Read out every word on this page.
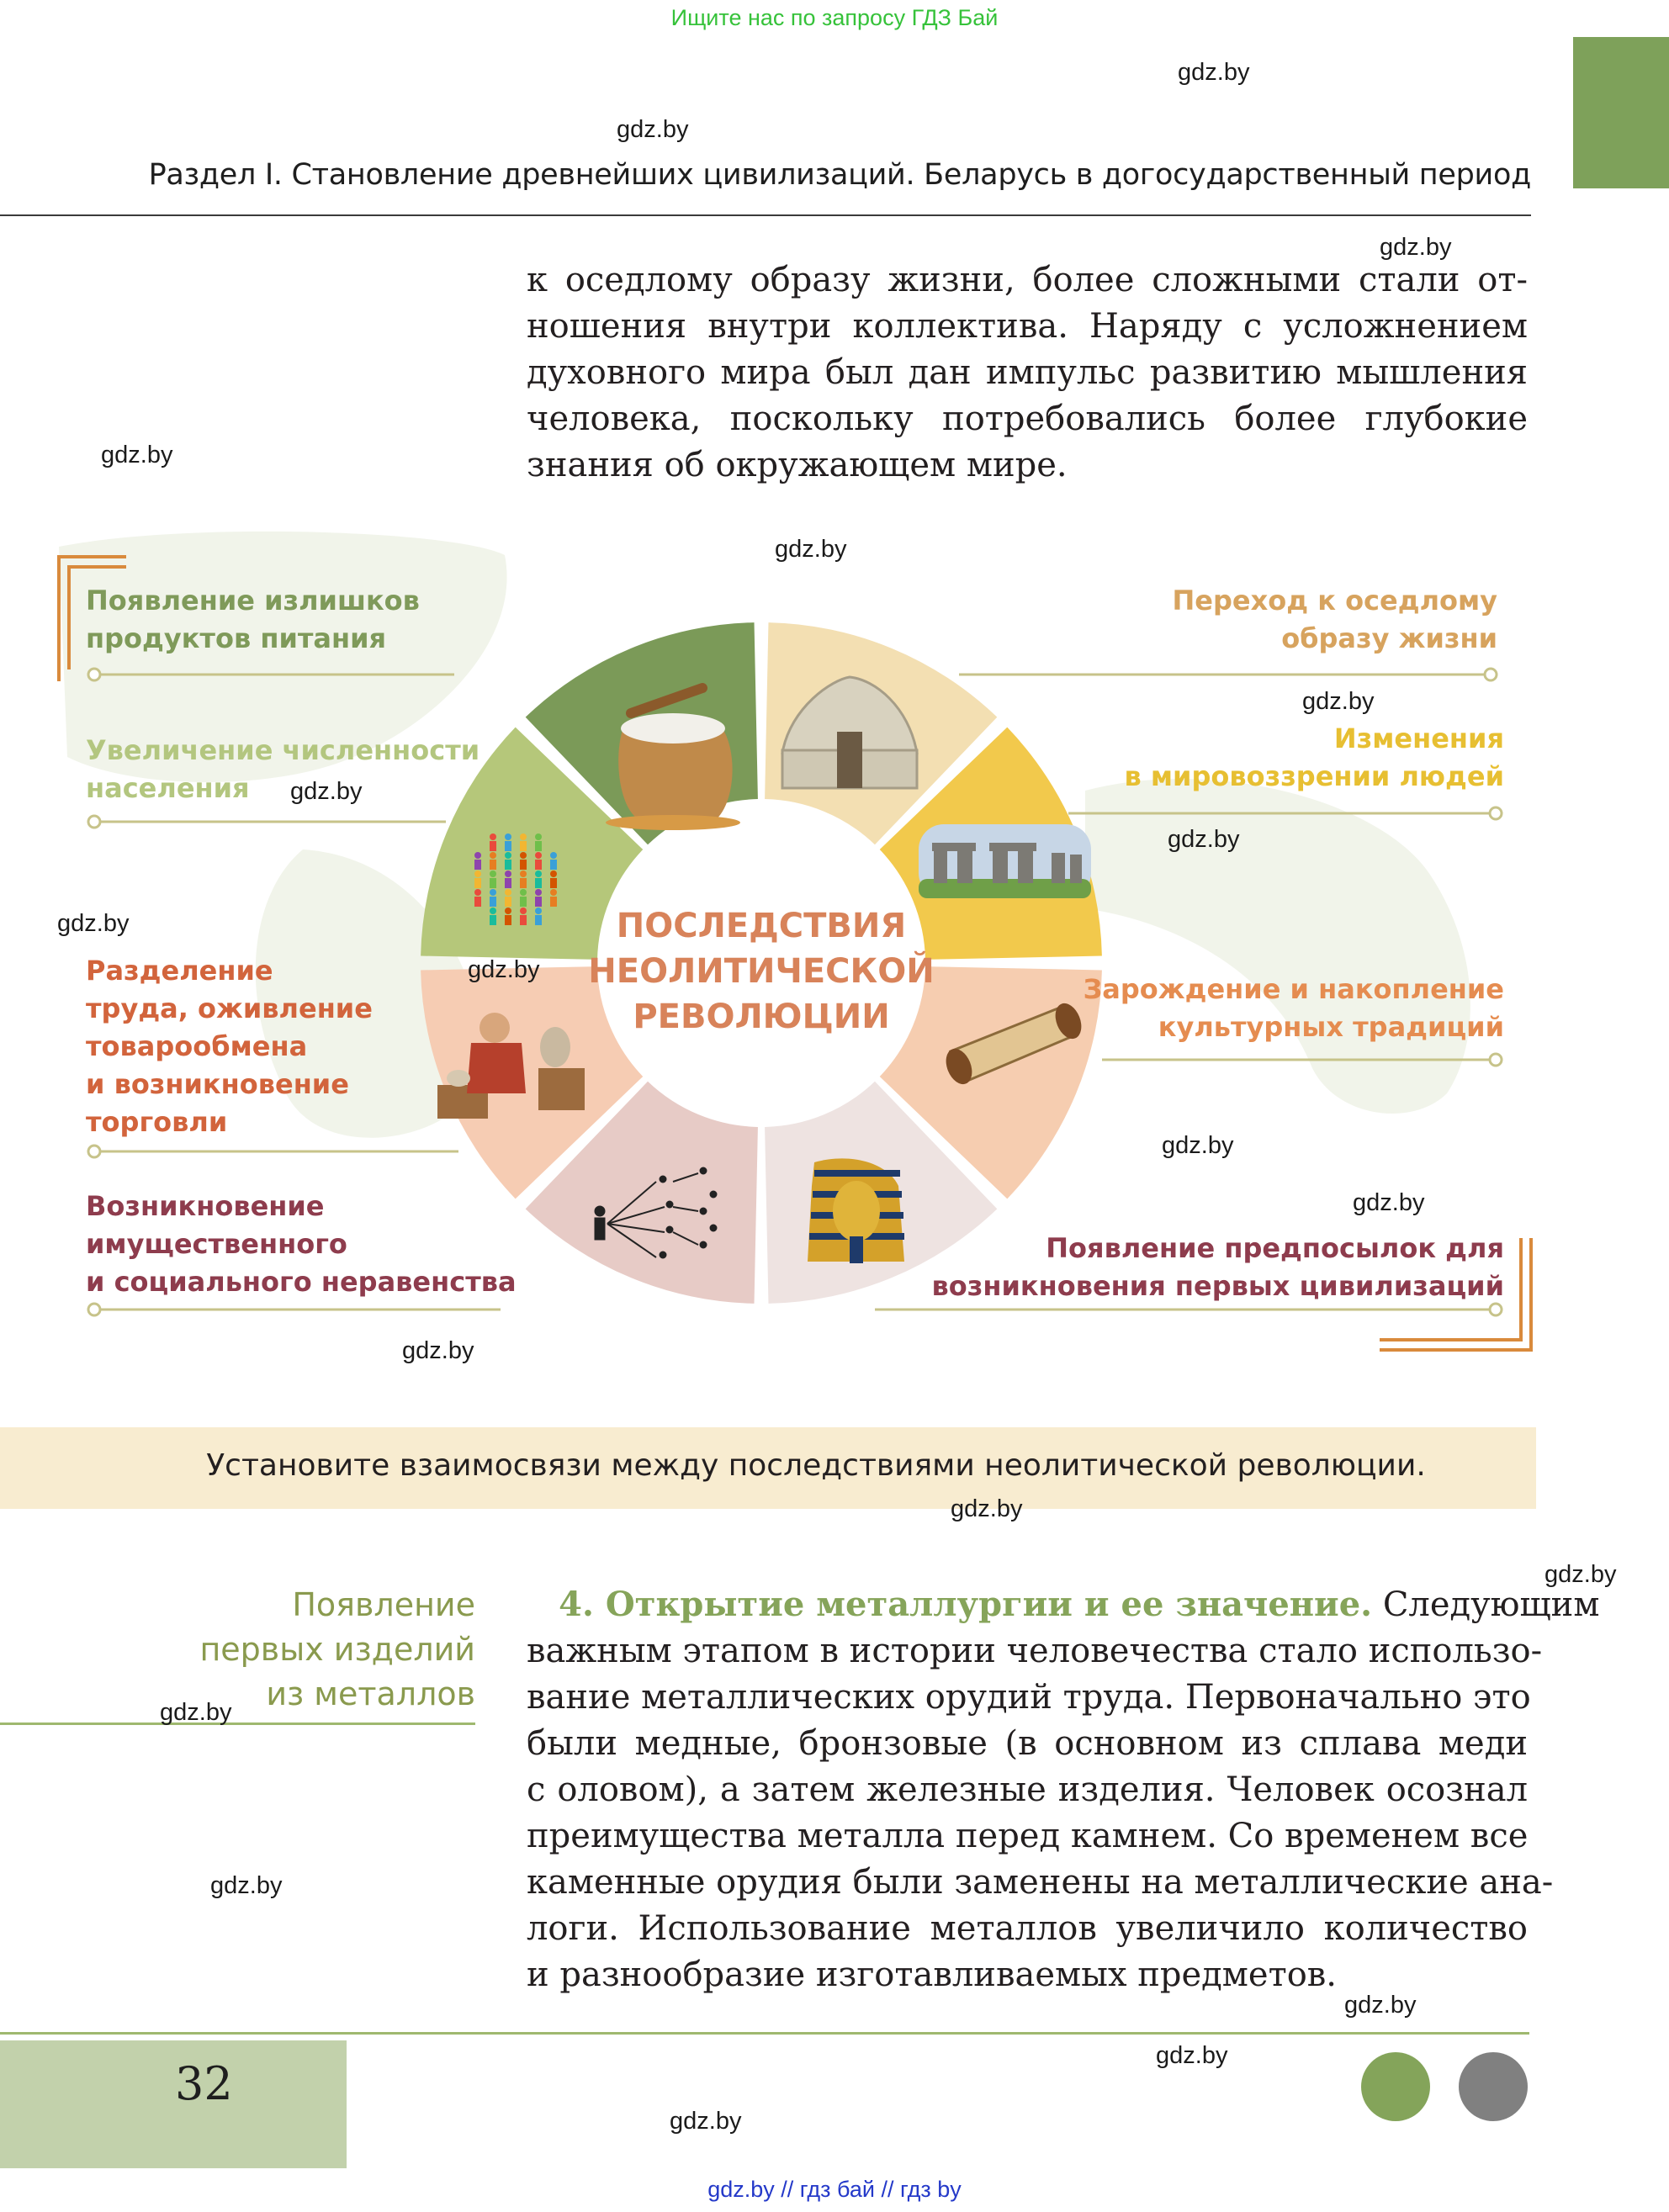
Ищите нас по запросу ГДЗ Бай
Раздел I. Становление древнейших цивилизаций. Беларусь в догосударственный период
к оседлому образу жизни, более сложными стали от-
ношения внутри коллектива. Наряду с усложнением
духовного мира был дан импульс развитию мышления
человека, поскольку потребовались более глубокие
знания об окружающем мире.
ПОСЛЕДСТВИЯ
НЕОЛИТИЧЕСКОЙ
РЕВОЛЮЦИИ
Появление излишков
продуктов питания
Увеличение численности
населения
Разделение
труда, оживление
товарообмена
и возникновение
торговли
Возникновение
имущественного
и социального неравенства
Переход к оседлому
образу жизни
Изменения
в мировоззрении людей
Зарождение и накопление
культурных традиций
Появление предпосылок для
возникновения первых цивилизаций
Установите взаимосвязи между последствиями неолитической революции.
Появление
первых изделий
из металлов
4. Открытие металлургии и ее значение. Следующим
важным этапом в истории человечества стало использо-
вание металлических орудий труда. Первоначально это
были медные, бронзовые (в основном из сплава меди
с оловом), а затем железные изделия. Человек осознал
преимущества металла перед камнем. Со временем все
каменные орудия были заменены на металлические ана-
логи. Использование металлов увеличило количество
и разнообразие изготавливаемых предметов.
32
gdz.by
gdz.by
gdz.by
gdz.by
gdz.by
gdz.by
gdz.by
gdz.by
gdz.by
gdz.by
gdz.by
gdz.by
gdz.by
gdz.by
gdz.by
gdz.by
gdz.by
gdz.by
gdz.by
gdz.by
gdz.by // гдз бай // гдз by
